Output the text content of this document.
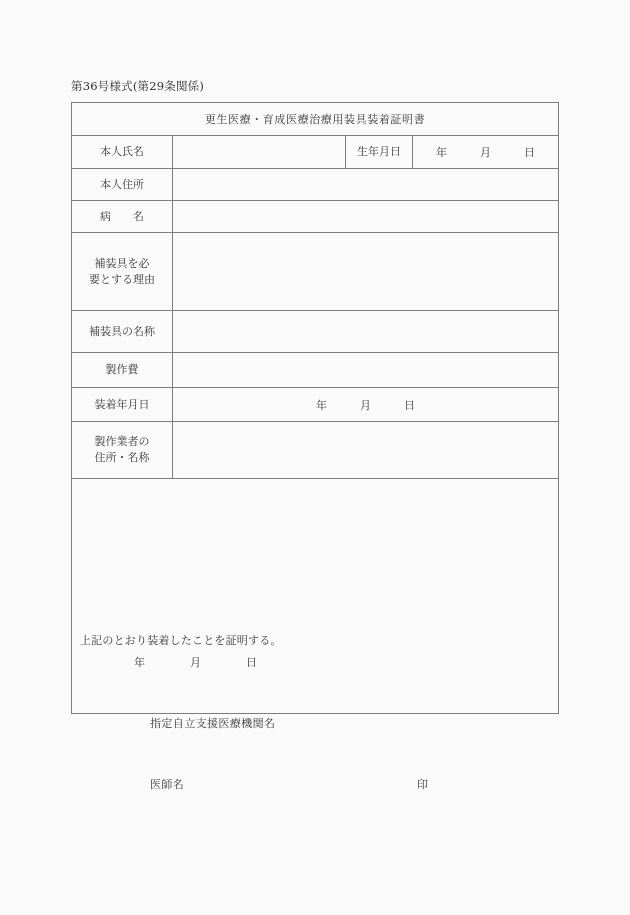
第36号様式(第29条関係)
更生医療・育成医療治療用装具装着証明書			
本人氏名		生年月日	年　　　月　　　日
本人住所			
病　　名			

補装具を必
要とする理由			

補装具の名称			
製作費			
装着年月日	年　　　月　　　日		

製作業者の
住所・名称			

上記のとおり装着したことを証明する。
年　　　　月　　　　日
指定自立支援医療機関名
医師名 印			
